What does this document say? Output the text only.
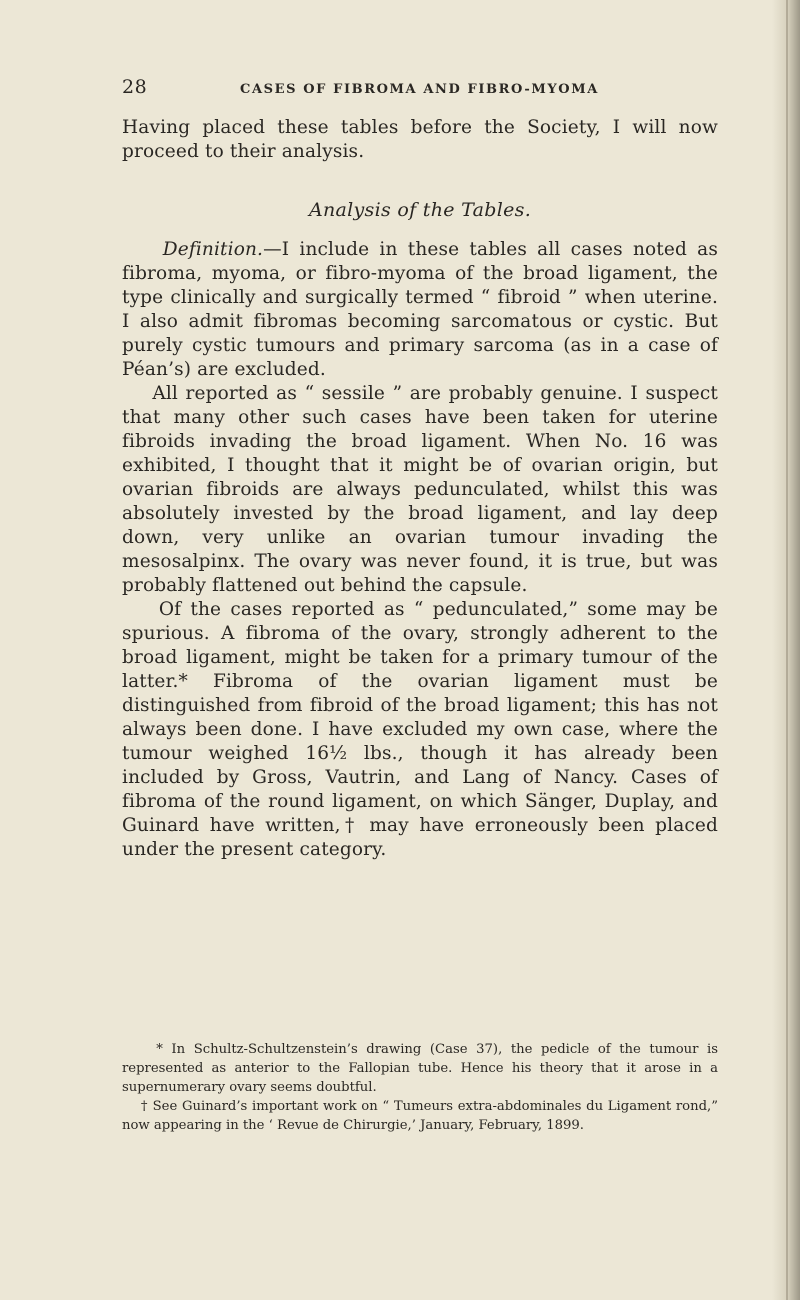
28	CASES OF FIBROMA AND FIBRO-MYOMA

Having placed these tables before the Society, I will now proceed to their analysis.

Analysis of the Tables.

Definition.—I include in these tables all cases noted as fibroma, myoma, or fibro-myoma of the broad ligament, the type clinically and surgically termed “ fibroid ” when uterine. I also admit fibromas becoming sarcomatous or cystic. But purely cystic tumours and primary sarcoma (as in a case of Péan’s) are excluded.

All reported as “ sessile ” are probably genuine. I suspect that many other such cases have been taken for uterine fibroids invading the broad ligament. When No. 16 was exhibited, I thought that it might be of ovarian origin, but ovarian fibroids are always pedunculated, whilst this was absolutely invested by the broad ligament, and lay deep down, very unlike an ovarian tumour invading the mesosalpinx. The ovary was never found, it is true, but was probably flattened out behind the capsule.

Of the cases reported as “ pedunculated,” some may be spurious. A fibroma of the ovary, strongly adherent to the broad ligament, might be taken for a primary tumour of the latter.* Fibroma of the ovarian ligament must be distinguished from fibroid of the broad ligament; this has not always been done. I have excluded my own case, where the tumour weighed 16½ lbs., though it has already been included by Gross, Vautrin, and Lang of Nancy. Cases of fibroma of the round ligament, on which Sänger, Duplay, and Guinard have written,† may have erroneously been placed under the present category.

* In Schultz-Schultzenstein’s drawing (Case 37), the pedicle of the tumour is represented as anterior to the Fallopian tube. Hence his theory that it arose in a supernumerary ovary seems doubtful.

† See Guinard’s important work on “ Tumeurs extra-abdominales du Ligament rond,” now appearing in the ‘ Revue de Chirurgie,’ January, February, 1899.
